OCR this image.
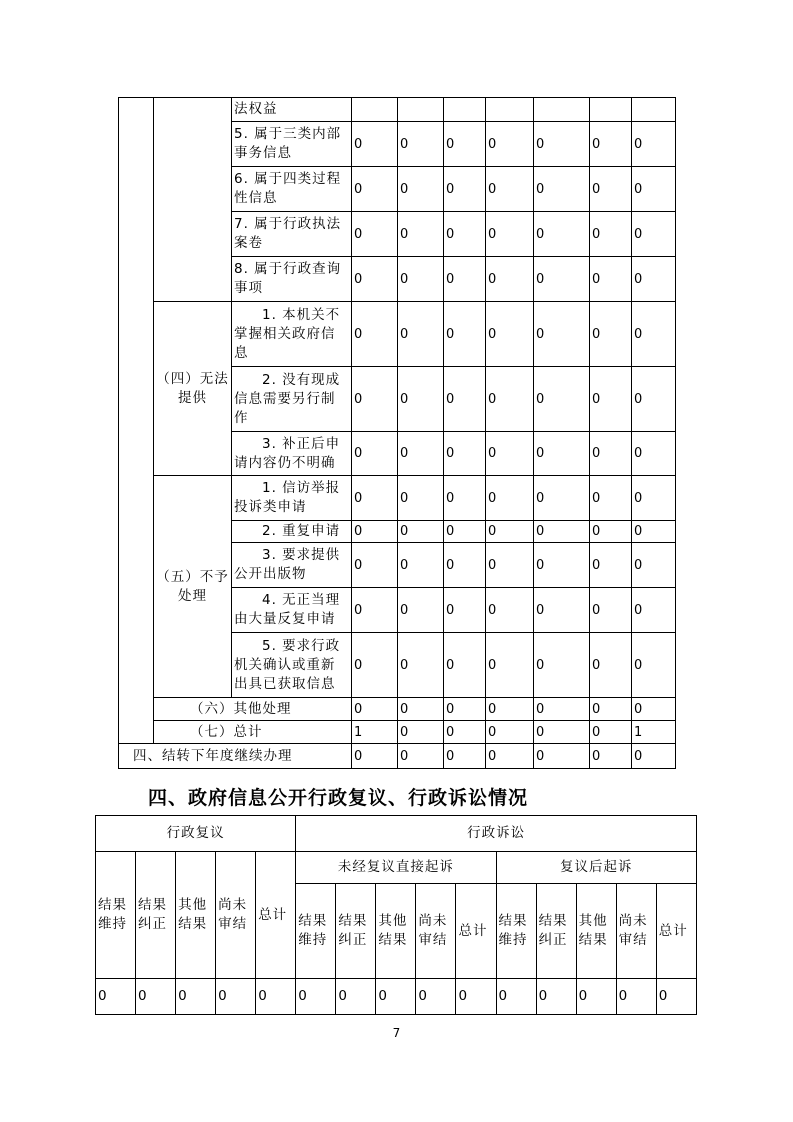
		法权益							
		5. 属于三类内部事务信息	0	0	0	0	0	0	0
		6. 属于四类过程性信息	0	0	0	0	0	0	0
		7. 属于行政执法案卷	0	0	0	0	0	0	0
		8. 属于行政查询事项	0	0	0	0	0	0	0
	（四）无法提供	1. 本机关不掌握相关政府信息	0	0	0	0	0	0	0
		2. 没有现成信息需要另行制作	0	0	0	0	0	0	0
		3. 补正后申请内容仍不明确	0	0	0	0	0	0	0
	（五）不予处理	1. 信访举报投诉类申请	0	0	0	0	0	0	0
		2. 重复申请	0	0	0	0	0	0	0
		3. 要求提供公开出版物	0	0	0	0	0	0	0
		4. 无正当理由大量反复申请	0	0	0	0	0	0	0
		5. 要求行政机关确认或重新出具已获取信息	0	0	0	0	0	0	0
	（六）其他处理		0	0	0	0	0	0	0
	（七）总计		1	0	0	0	0	0	1
四、结转下年度继续办理			0	0	0	0	0	0	0
四、政府信息公开行政复议、行政诉讼情况
行政复议					行政诉讼									
结果维持	结果纠正	其他结果	尚未审结	总计	未经复议直接起诉					复议后起诉				
					结果维持	结果纠正	其他结果	尚未审结	总计	结果维持	结果纠正	其他结果	尚未审结	总计
0	0	0	0	0	0	0	0	0	0	0	0	0	0	0
7
